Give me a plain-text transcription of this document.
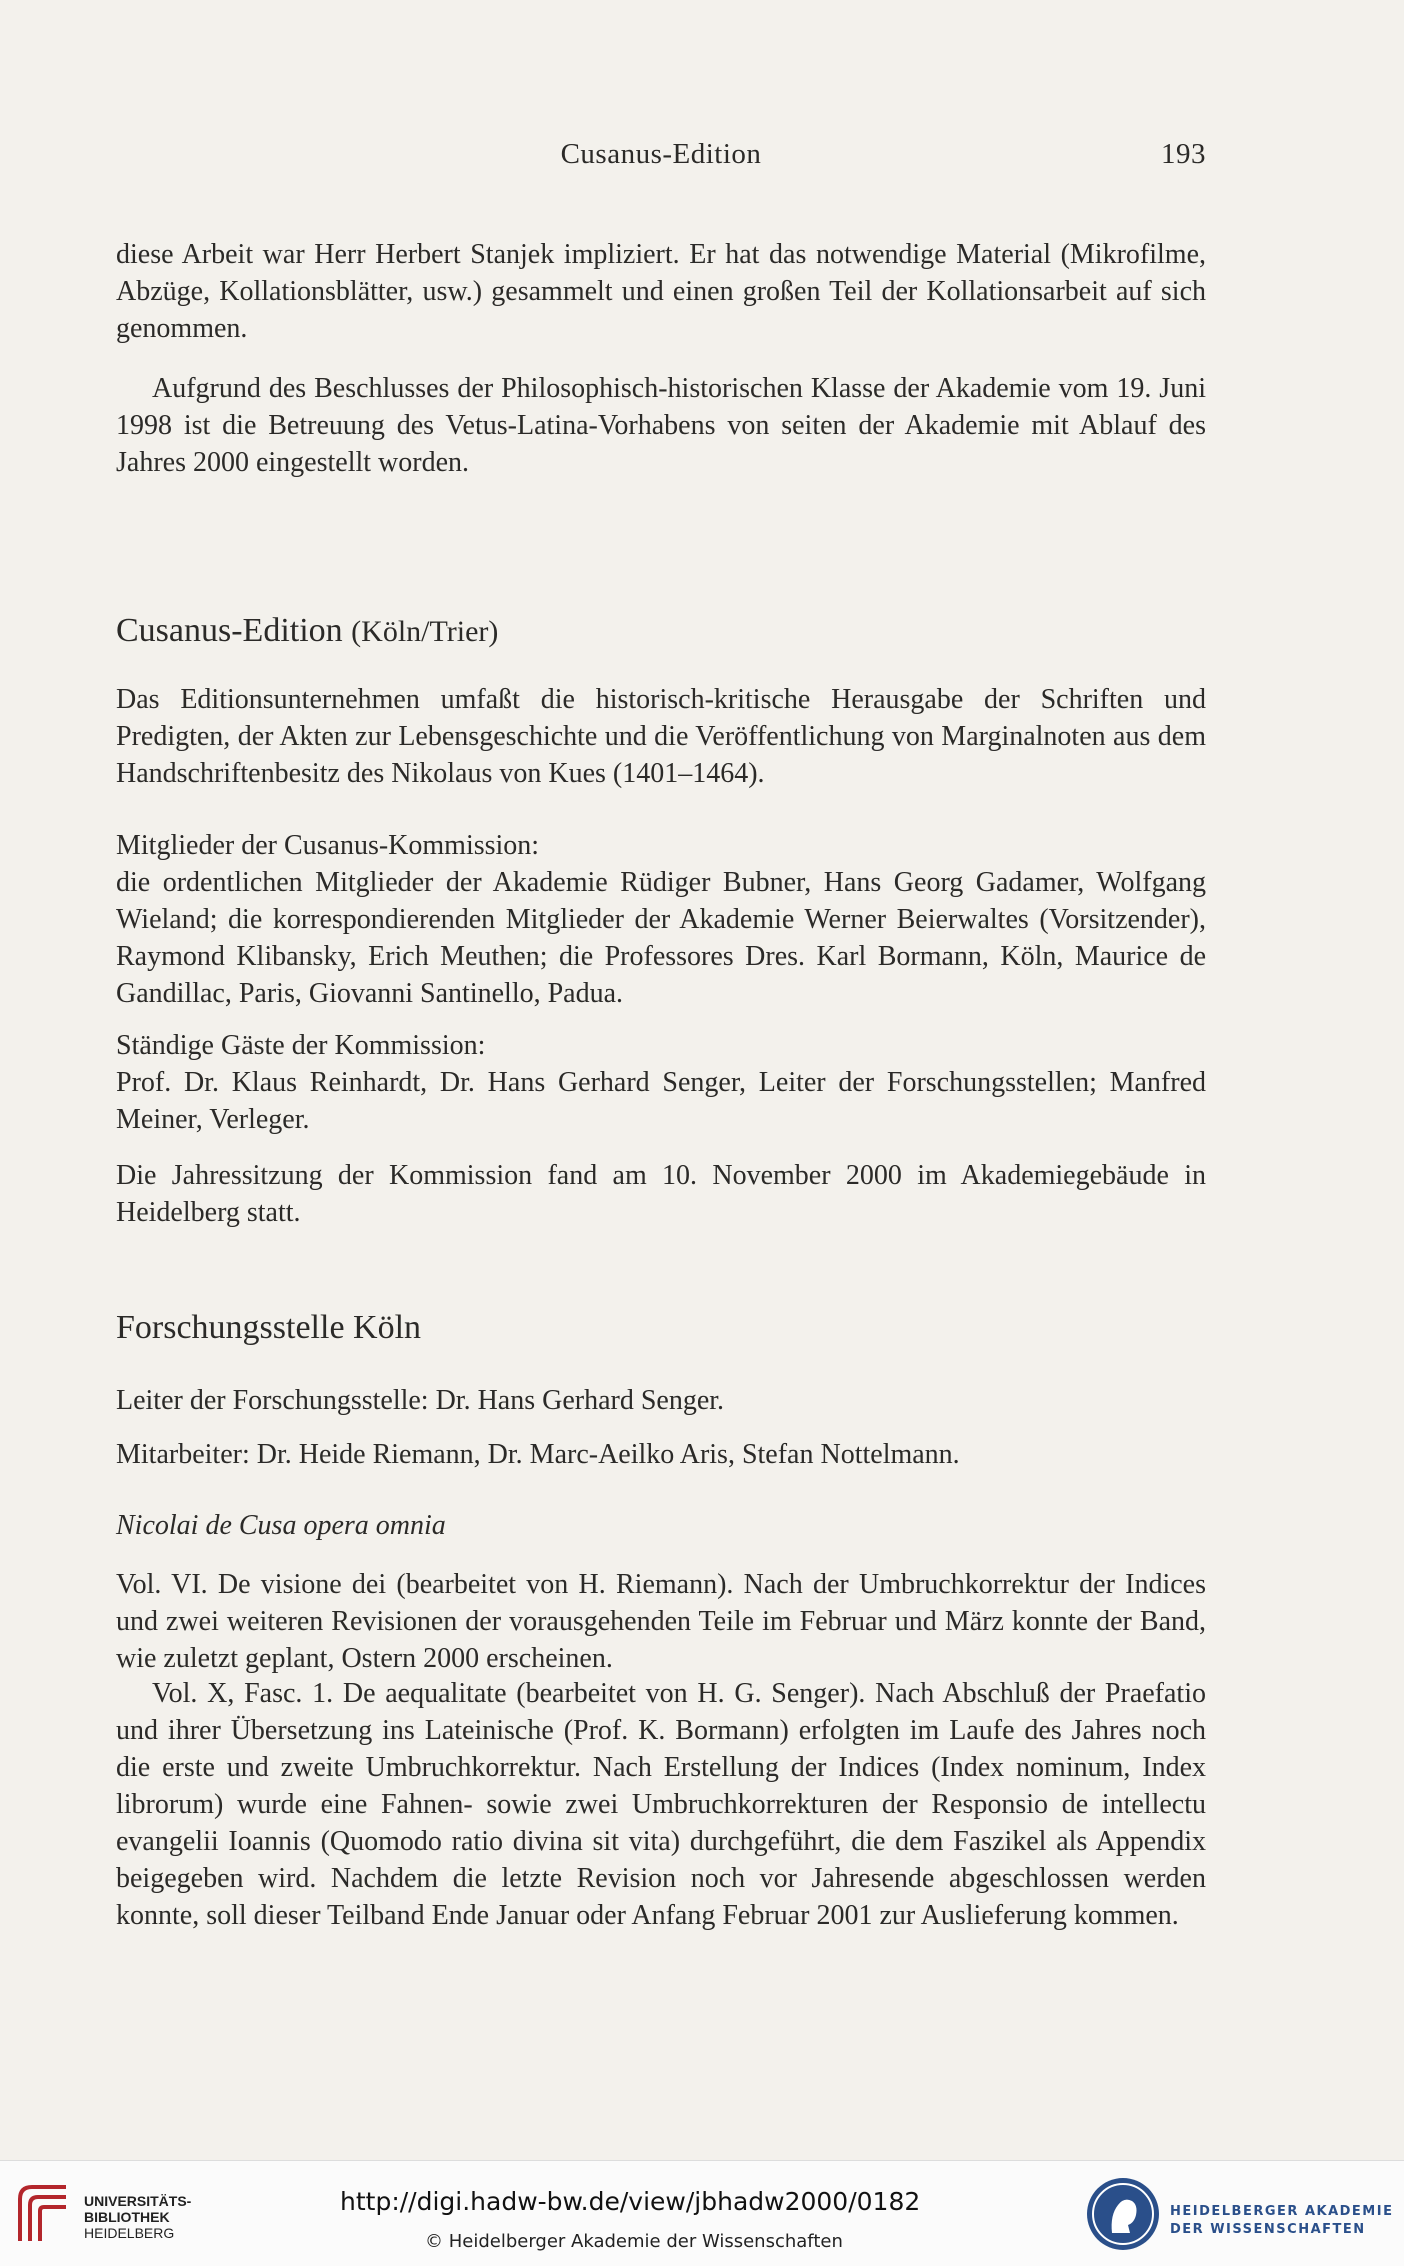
Cusanus-Edition	193

diese Arbeit war Herr Herbert Stanjek impliziert. Er hat das notwendige Material (Mikrofilme, Abzüge, Kollationsblätter, usw.) gesammelt und einen großen Teil der Kollationsarbeit auf sich genommen.

Aufgrund des Beschlusses der Philosophisch-historischen Klasse der Akademie vom 19. Juni 1998 ist die Betreuung des Vetus-Latina-Vorhabens von seiten der Akademie mit Ablauf des Jahres 2000 eingestellt worden.

Cusanus-Edition (Köln/Trier)

Das Editionsunternehmen umfaßt die historisch-kritische Herausgabe der Schriften und Predigten, der Akten zur Lebensgeschichte und die Veröffentlichung von Marginalnoten aus dem Handschriftenbesitz des Nikolaus von Kues (1401–1464).

Mitglieder der Cusanus-Kommission:

die ordentlichen Mitglieder der Akademie Rüdiger Bubner, Hans Georg Gadamer, Wolfgang Wieland; die korrespondierenden Mitglieder der Akademie Werner Beierwaltes (Vorsitzender), Raymond Klibansky, Erich Meuthen; die Professores Dres. Karl Bormann, Köln, Maurice de Gandillac, Paris, Giovanni Santinello, Padua.

Ständige Gäste der Kommission:

Prof. Dr. Klaus Reinhardt, Dr. Hans Gerhard Senger, Leiter der Forschungsstellen; Manfred Meiner, Verleger.

Die Jahressitzung der Kommission fand am 10. November 2000 im Akademiegebäude in Heidelberg statt.

Forschungsstelle Köln

Leiter der Forschungsstelle: Dr. Hans Gerhard Senger.

Mitarbeiter: Dr. Heide Riemann, Dr. Marc-Aeilko Aris, Stefan Nottelmann.

Nicolai de Cusa opera omnia

Vol. VI. De visione dei (bearbeitet von H. Riemann). Nach der Umbruchkorrektur der Indices und zwei weiteren Revisionen der vorausgehenden Teile im Februar und März konnte der Band, wie zuletzt geplant, Ostern 2000 erscheinen.

Vol. X, Fasc. 1. De aequalitate (bearbeitet von H. G. Senger). Nach Abschluß der Praefatio und ihrer Übersetzung ins Lateinische (Prof. K. Bormann) erfolgten im Laufe des Jahres noch die erste und zweite Umbruchkorrektur. Nach Erstellung der Indices (Index nominum, Index librorum) wurde eine Fahnen- sowie zwei Umbruchkorrekturen der Responsio de intellectu evangelii Ioannis (Quomodo ratio divina sit vita) durchgeführt, die dem Faszikel als Appendix beigegeben wird. Nachdem die letzte Revision noch vor Jahresende abgeschlossen werden konnte, soll dieser Teilband Ende Januar oder Anfang Februar 2001 zur Auslieferung kommen.

UNIVERSITÄTS-
BIBLIOTHEK
HEIDELBERG
http://digi.hadw-bw.de/view/jbhadw2000/0182
© Heidelberger Akademie der Wissenschaften
HEIDELBERGER AKADEMIE
DER WISSENSCHAFTEN
